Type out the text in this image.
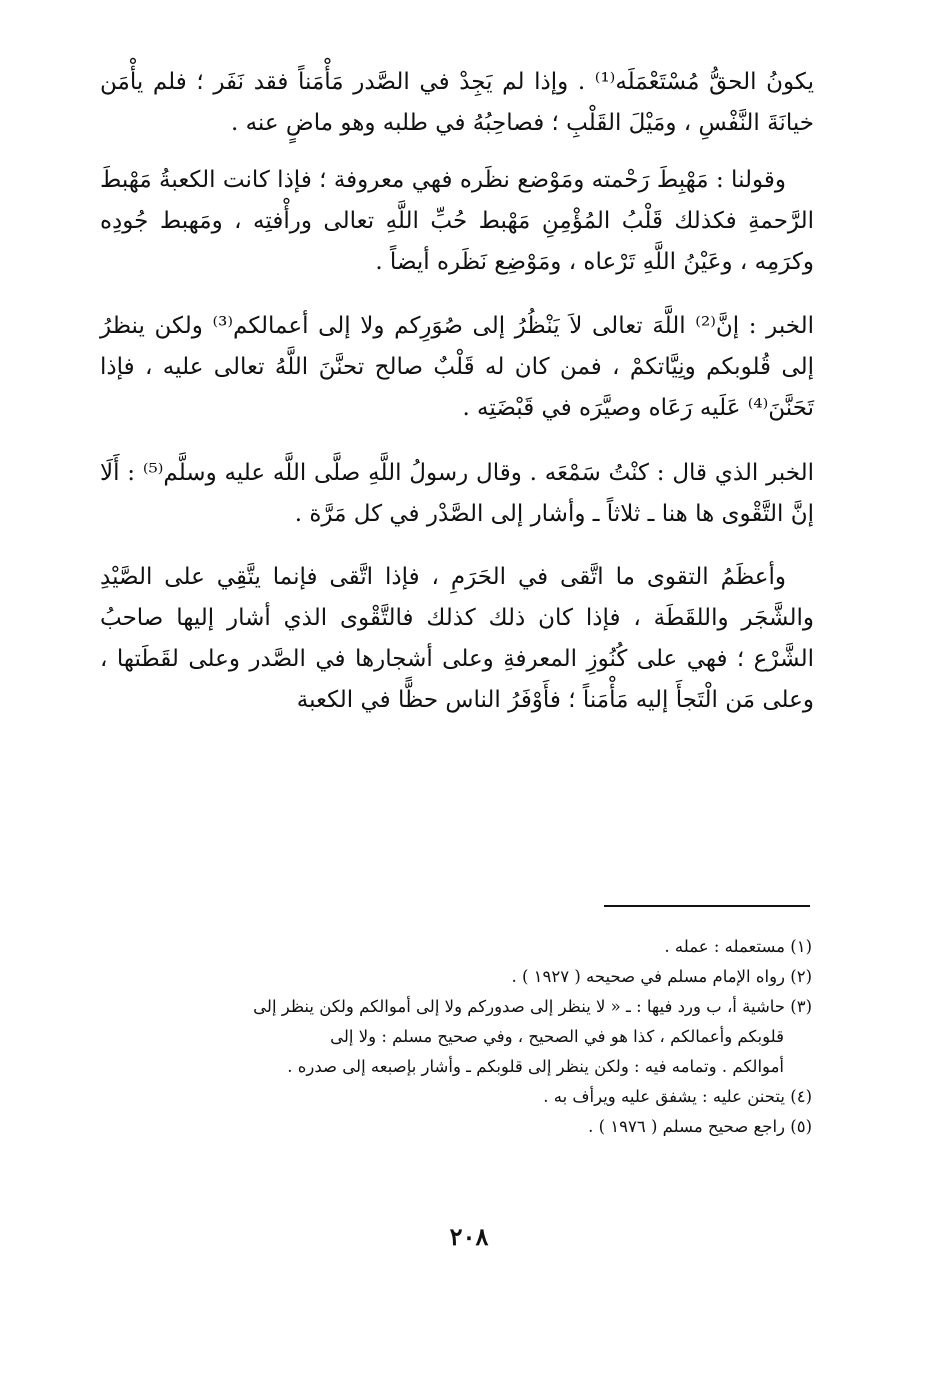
يكونُ الحقُّ مُسْتَعْمَلَه⁽¹⁾ . وإذا لم يَجِدْ في الصَّدر مَأْمَناً فقد نَفَر ؛ فلم يأْمَن خيانَةَ النَّفْسِ ، ومَيْلَ القَلْبِ ؛ فصاحِبُهُ في طلبه وهو ماضٍ عنه .

وقولنا : مَهْبِطَ رَحْمته ومَوْضع نظَره فهي معروفة ؛ فإذا كانت الكعبةُ مَهْبطَ الرَّحمةِ فكذلك قَلْبُ المُؤْمِنِ مَهْبط حُبِّ اللَّهِ تعالى ورأْفتِه ، ومَهبط جُودِه وكرَمِه ، وعَيْنُ اللَّهِ تَرْعاه ، ومَوْضِع نَظَره أيضاً .

الخبر : إنَّ⁽²⁾ اللَّهَ تعالى لاَ يَنْظُرُ إلى صُوَرِكم ولا إلى أعمالكم⁽³⁾ ولكن ينظرُ إلى قُلوبكم ونِيَّاتكمْ ، فمن كان له قَلْبٌ صالح تحنَّنَ اللَّهُ تعالى عليه ، فإذا تَحَنَّنَ⁽⁴⁾ عَلَيه رَعَاه وصيَّرَه في قَبْضَتِه .

الخبر الذي قال : كنْتُ سَمْعَه . وقال رسولُ اللَّهِ صلَّى اللَّه عليه وسلَّم⁽⁵⁾ : أَلَا إنَّ التَّقْوى ها هنا ـ ثلاثاً ـ وأشار إلى الصَّدْر في كل مَرَّة .

وأعظَمُ التقوى ما اتَّقى في الحَرَمِ ، فإذا اتَّقى فإنما يتَّقِي على الصَّيْدِ والشَّجَر واللقَطَة ، فإذا كان ذلك كذلك فالتَّقْوى الذي أشار إليها صاحبُ الشَّرْع ؛ فهي على كُنُوزِ المعرفةِ وعلى أشجارها في الصَّدر وعلى لقَطَتها ، وعلى مَن الْتَجأَ إليه مَأْمَناً ؛ فأَوْفَرُ الناس حظًّا في الكعبة

(١) مستعمله : عمله .

(٢) رواه الإمام مسلم في صحيحه ( ١٩٢٧ ) .

(٣) حاشية أ، ب ورد فيها : ـ « لا ينظر إلى صدوركم ولا إلى أموالكم ولكن ينظر إلى

قلوبكم وأعمالكم ، كذا هو في الصحيح ، وفي صحيح مسلم : ولا إلى

أموالكم . وتمامه فيه : ولكن ينظر إلى قلوبكم ـ وأشار بإصبعه إلى صدره .

(٤) يتحنن عليه : يشفق عليه ويرأف به .

(٥) راجع صحيح مسلم ( ١٩٧٦ ) .

٢٠٨
